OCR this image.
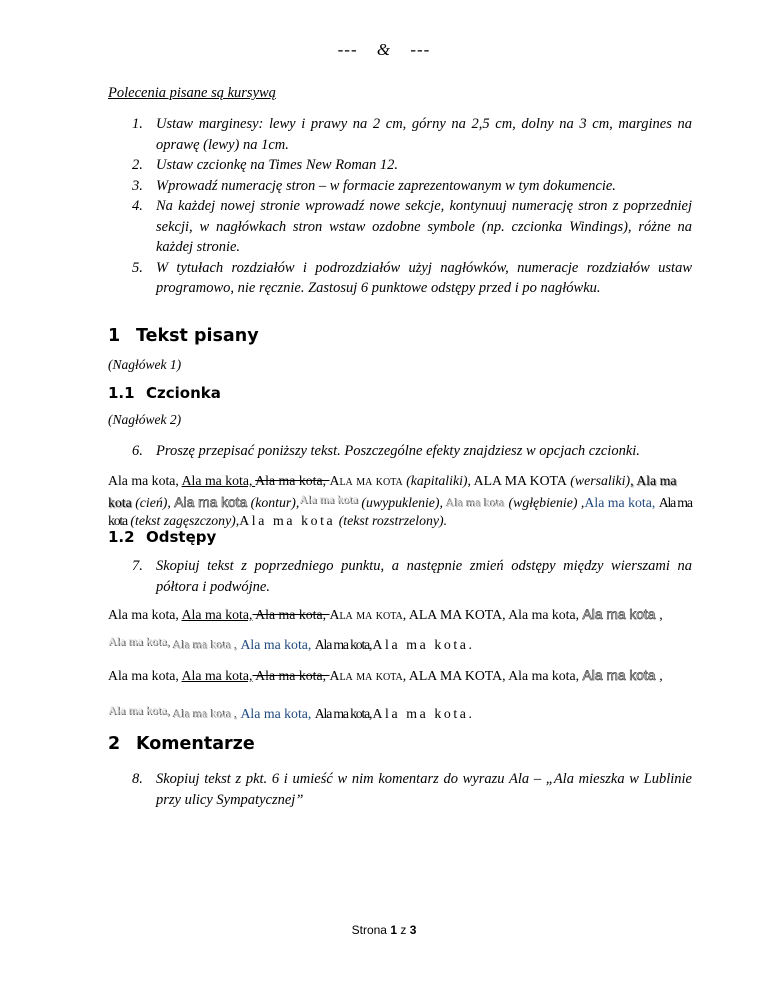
--- & ---
Polecenia pisane są kursywą
1. Ustaw marginesy: lewy i prawy na 2 cm, górny na 2,5 cm, dolny na 3 cm, margines na oprawę (lewy) na 1cm.
2. Ustaw czcionkę na Times New Roman 12.
3. Wprowadź numerację stron – w formacie zaprezentowanym w tym dokumencie.
4. Na każdej nowej stronie wprowadź nowe sekcje, kontynuuj numerację stron z poprzedniej sekcji, w nagłówkach stron wstaw ozdobne symbole (np. czcionka Windings), różne na każdej stronie.
5. W tytułach rozdziałów i podrozdziałów użyj nagłówków, numeracje rozdziałów ustaw programowo, nie ręcznie. Zastosuj 6 punktowe odstępy przed i po nagłówku.
1 Tekst pisany
(Nagłówek 1)
1.1 Czcionka
(Nagłówek 2)
6. Proszę przepisać poniższy tekst. Poszczególne efekty znajdziesz w opcjach czcionki.
Ala ma kota, Ala ma kota, Ala ma kota, Ala ma kota (kapitaliki), ALA MA KOTA (wersaliki), Ala ma kota (cień), Ala ma kota (kontur),Ala ma kota (uwypuklenie), Ala ma kota (wgłębienie) ,Ala ma kota, Ala ma kota (tekst zagęszczony),Ala ma kota (tekst rozstrzelony).
1.2 Odstępy
7. Skopiuj tekst z poprzedniego punktu, a następnie zmień odstępy między wierszami na półtora i podwójne.
Ala ma kota, Ala ma kota, Ala ma kota, Ala ma kota, ALA MA KOTA, Ala ma kota, Ala ma kota ,
Ala ma kota, Ala ma kota , Ala ma kota, Ala ma kota,Ala ma kota.
Ala ma kota, Ala ma kota, Ala ma kota, Ala ma kota, ALA MA KOTA, Ala ma kota, Ala ma kota ,
Ala ma kota, Ala ma kota , Ala ma kota, Ala ma kota,Ala ma kota.
2 Komentarze
8. Skopiuj tekst z pkt. 6 i umieść w nim komentarz do wyrazu Ala – „Ala mieszka w Lublinie przy ulicy Sympatycznej”
Strona 1 z 3
